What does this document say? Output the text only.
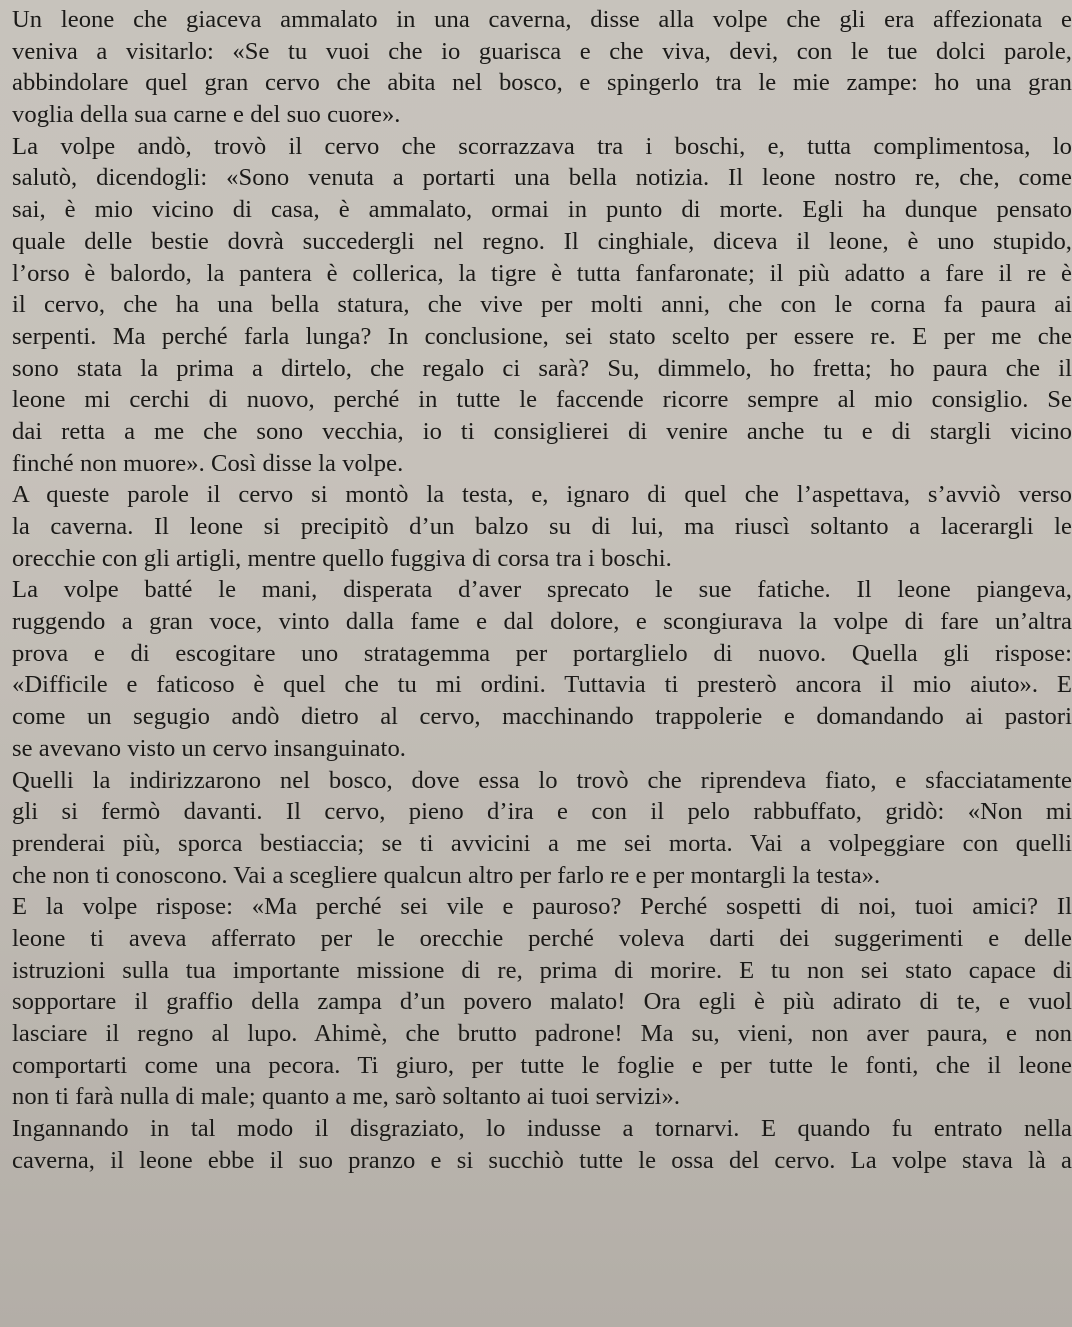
Un leone che giaceva ammalato in una caverna, disse alla volpe che gli era affezionata e
veniva a visitarlo: «Se tu vuoi che io guarisca e che viva, devi, con le tue dolci parole,
abbindolare quel gran cervo che abita nel bosco, e spingerlo tra le mie zampe: ho una gran
voglia della sua carne e del suo cuore».
La volpe andò, trovò il cervo che scorrazzava tra i boschi, e, tutta complimentosa, lo
salutò, dicendogli: «Sono venuta a portarti una bella notizia. Il leone nostro re, che, come
sai, è mio vicino di casa, è ammalato, ormai in punto di morte. Egli ha dunque pensato
quale delle bestie dovrà succedergli nel regno. Il cinghiale, diceva il leone, è uno stupido,
l’orso è balordo, la pantera è collerica, la tigre è tutta fanfaronate; il più adatto a fare il re è
il cervo, che ha una bella statura, che vive per molti anni, che con le corna fa paura ai
serpenti. Ma perché farla lunga? In conclusione, sei stato scelto per essere re. E per me che
sono stata la prima a dirtelo, che regalo ci sarà? Su, dimmelo, ho fretta; ho paura che il
leone mi cerchi di nuovo, perché in tutte le faccende ricorre sempre al mio consiglio. Se
dai retta a me che sono vecchia, io ti consiglierei di venire anche tu e di stargli vicino
finché non muore». Così disse la volpe.
A queste parole il cervo si montò la testa, e, ignaro di quel che l’aspettava, s’avviò verso
la caverna. Il leone si precipitò d’un balzo su di lui, ma riuscì soltanto a lacerargli le
orecchie con gli artigli, mentre quello fuggiva di corsa tra i boschi.
La volpe batté le mani, disperata d’aver sprecato le sue fatiche. Il leone piangeva,
ruggendo a gran voce, vinto dalla fame e dal dolore, e scongiurava la volpe di fare un’altra
prova e di escogitare uno stratagemma per portarglielo di nuovo. Quella gli rispose:
«Difficile e faticoso è quel che tu mi ordini. Tuttavia ti presterò ancora il mio aiuto». E
come un segugio andò dietro al cervo, macchinando trappolerie e domandando ai pastori
se avevano visto un cervo insanguinato.
Quelli la indirizzarono nel bosco, dove essa lo trovò che riprendeva fiato, e sfacciatamente
gli si fermò davanti. Il cervo, pieno d’ira e con il pelo rabbuffato, gridò: «Non mi
prenderai più, sporca bestiaccia; se ti avvicini a me sei morta. Vai a volpeggiare con quelli
che non ti conoscono. Vai a scegliere qualcun altro per farlo re e per montargli la testa».
E la volpe rispose: «Ma perché sei vile e pauroso? Perché sospetti di noi, tuoi amici? Il
leone ti aveva afferrato per le orecchie perché voleva darti dei suggerimenti e delle
istruzioni sulla tua importante missione di re, prima di morire. E tu non sei stato capace di
sopportare il graffio della zampa d’un povero malato! Ora egli è più adirato di te, e vuol
lasciare il regno al lupo. Ahimè, che brutto padrone! Ma su, vieni, non aver paura, e non
comportarti come una pecora. Ti giuro, per tutte le foglie e per tutte le fonti, che il leone
non ti farà nulla di male; quanto a me, sarò soltanto ai tuoi servizi».
Ingannando in tal modo il disgraziato, lo indusse a tornarvi. E quando fu entrato nella
caverna, il leone ebbe il suo pranzo e si succhiò tutte le ossa del cervo. La volpe stava là a
